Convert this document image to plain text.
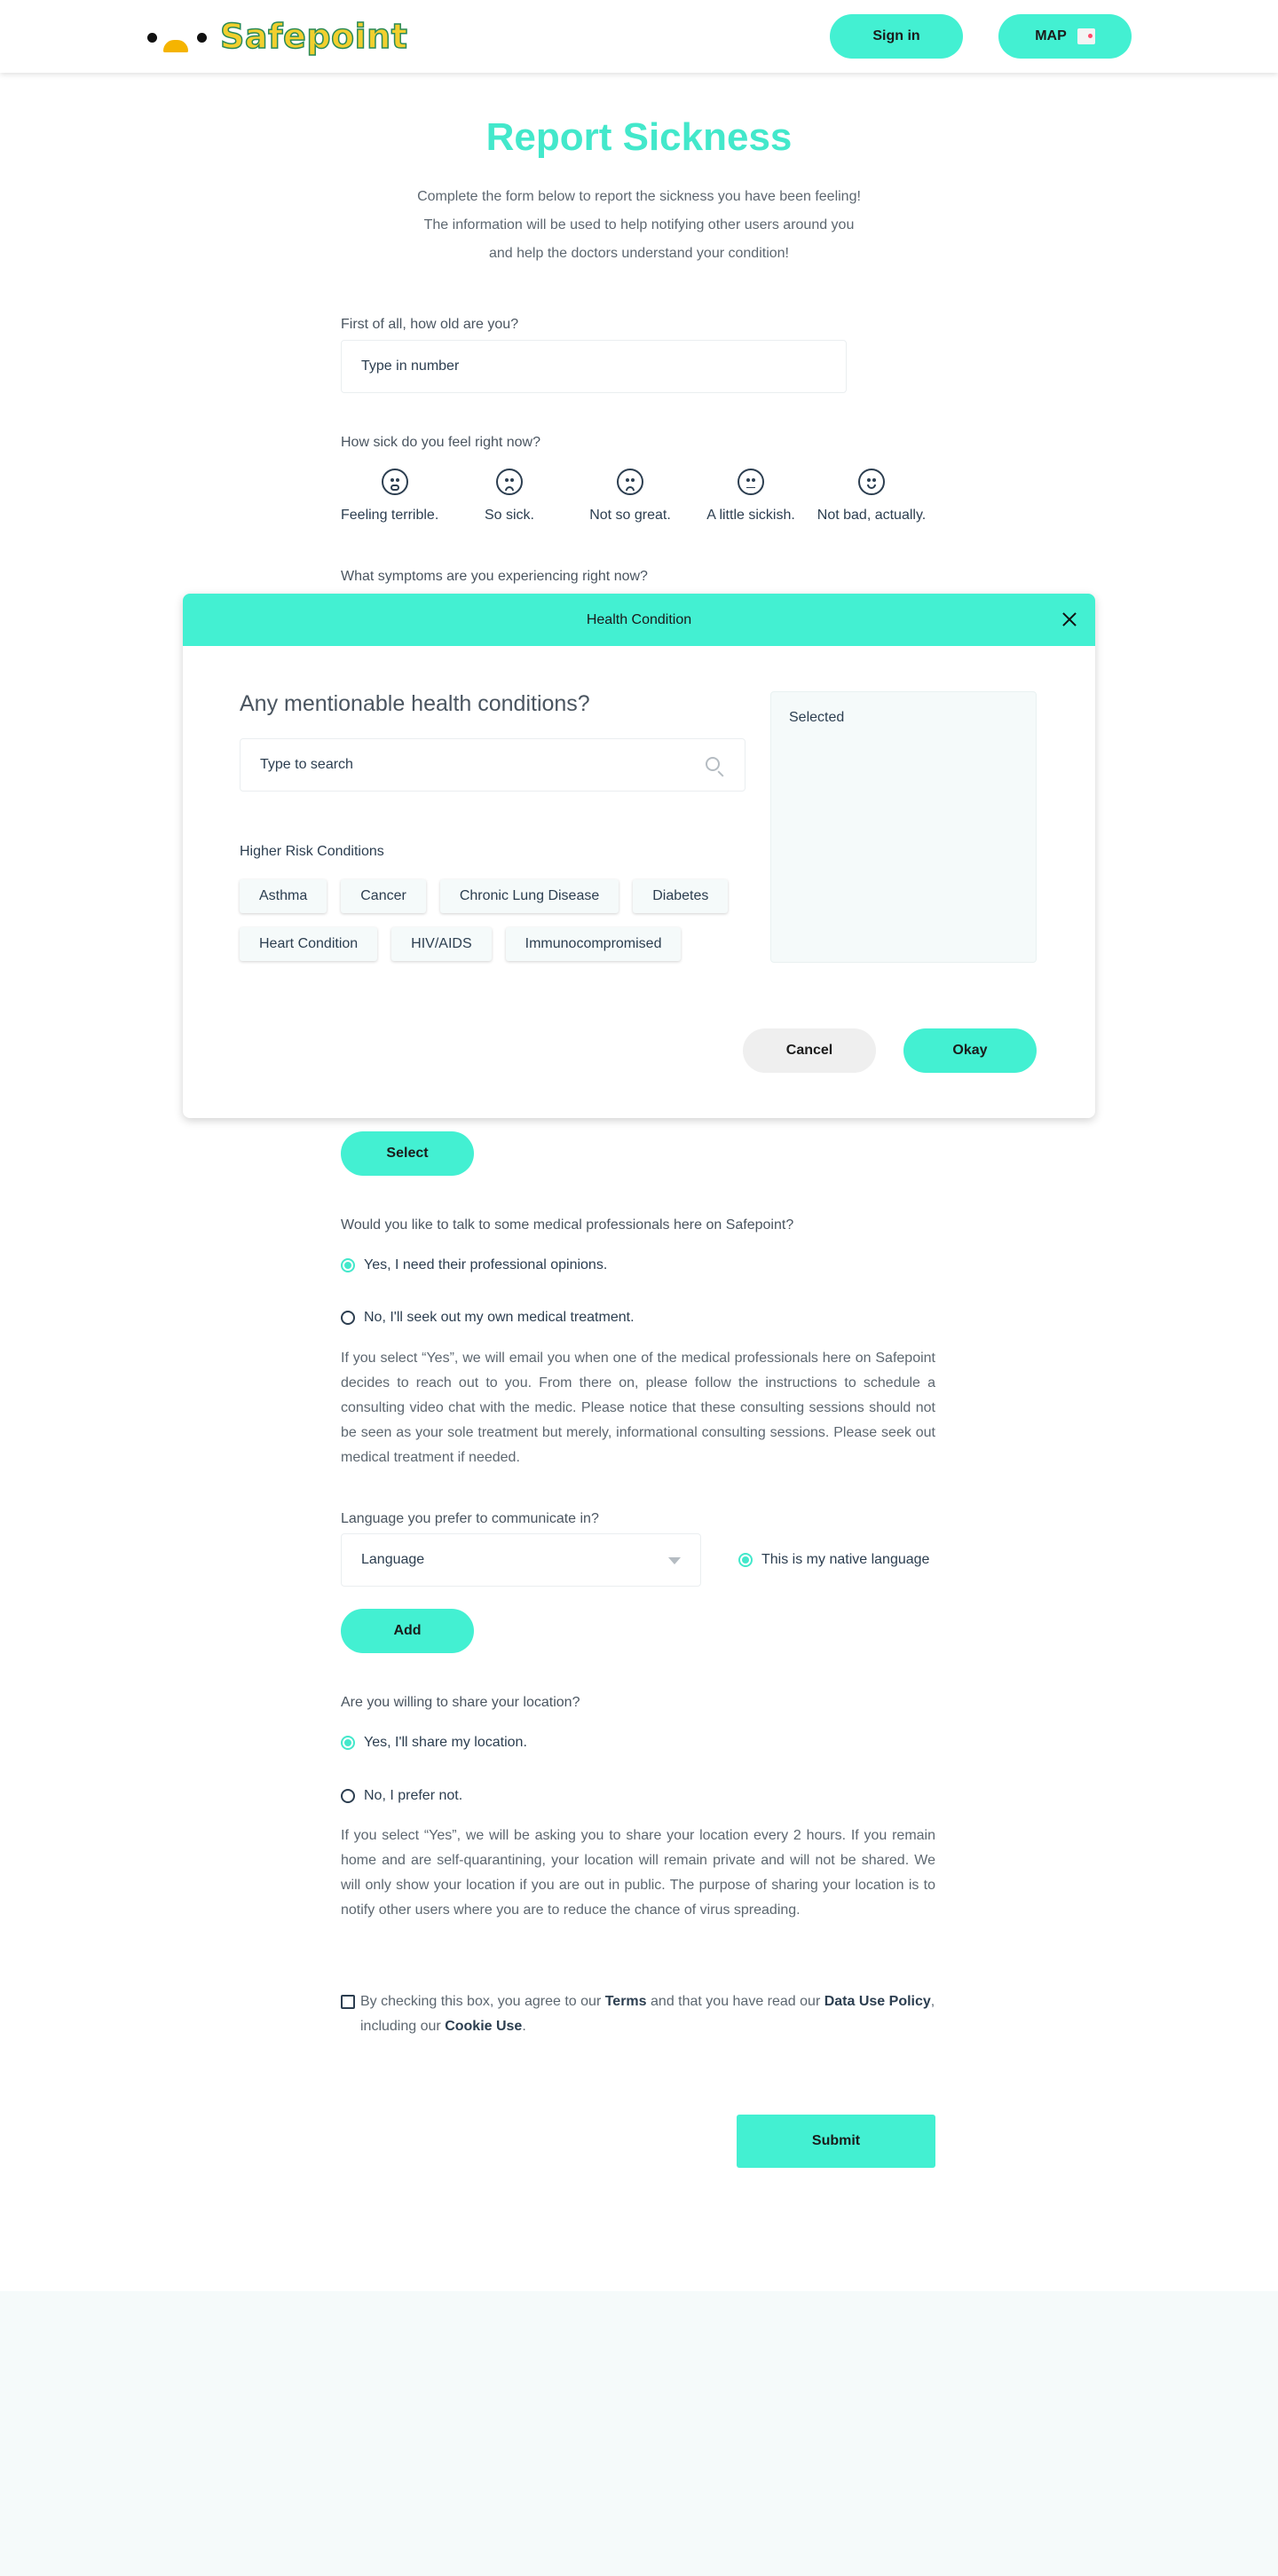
Safepoint	Sign in	MAP
Report Sickness
Complete the form below to report the sickness you have been feeling! The information will be used to help notifying other users around you and help the doctors understand your condition!
First of all, how old are you?
Type in number
How sick do you feel right now?
Feeling terrible.	So sick.	Not so great.	A little sickish. Not bad, actually.
What symptoms are you experiencing right now?
Health Condition
Any mentionable health conditions?
Type to search
Higher Risk Conditions
Asthma	Cancer	Chronic Lung Disease	Diabetes
Heart Condition	HIV/AIDS	Immunocompromised
Selected
Cancel	Okay
Select
Would you like to talk to some medical professionals here on Safepoint?
Yes, I need their professional opinions.
No, I'll seek out my own medical treatment.
If you select “Yes”, we will email you when one of the medical professionals here on Safepoint decides to reach out to you. From there on, please follow the instructions to schedule a consulting video chat with the medic. Please notice that these consulting sessions should not be seen as your sole treatment but merely, informational consulting sessions. Please seek out medical treatment if needed.
Language you prefer to communicate in?
Language	This is my native language
Add
Are you willing to share your location?
Yes, I'll share my location.
No, I prefer not.
If you select “Yes”, we will be asking you to share your location every 2 hours. If you remain home and are self-quarantining, your location will remain private and will not be shared. We will only show your location if you are out in public. The purpose of sharing your location is to notify other users where you are to reduce the chance of virus spreading.
By checking this box, you agree to our Terms and that you have read our Data Use Policy, including our Cookie Use.
Submit
